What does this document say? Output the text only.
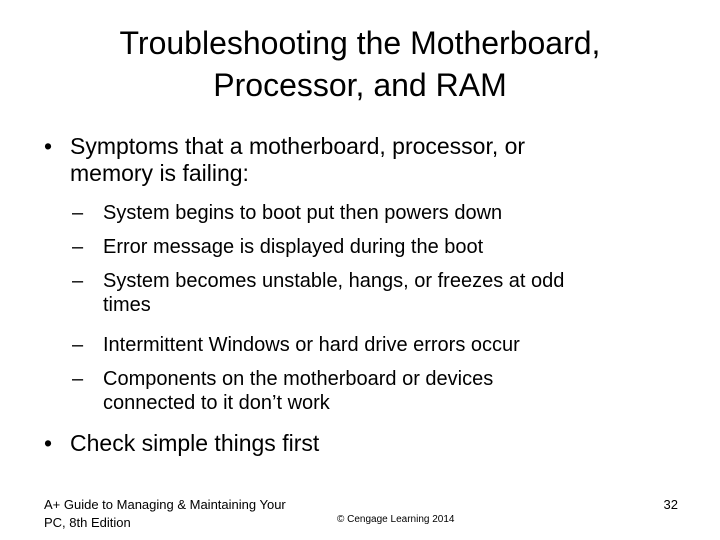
Troubleshooting the Motherboard,
Processor, and RAM
• Symptoms that a motherboard, processor, or
memory is failing:
– System begins to boot put then powers down
– Error message is displayed during the boot
– System becomes unstable, hangs, or freezes at odd
times
– Intermittent Windows or hard drive errors occur
– Components on the motherboard or devices
connected to it don’t work
• Check simple things first
A+ Guide to Managing & Maintaining Your
PC, 8th Edition	© Cengage Learning 2014
32
